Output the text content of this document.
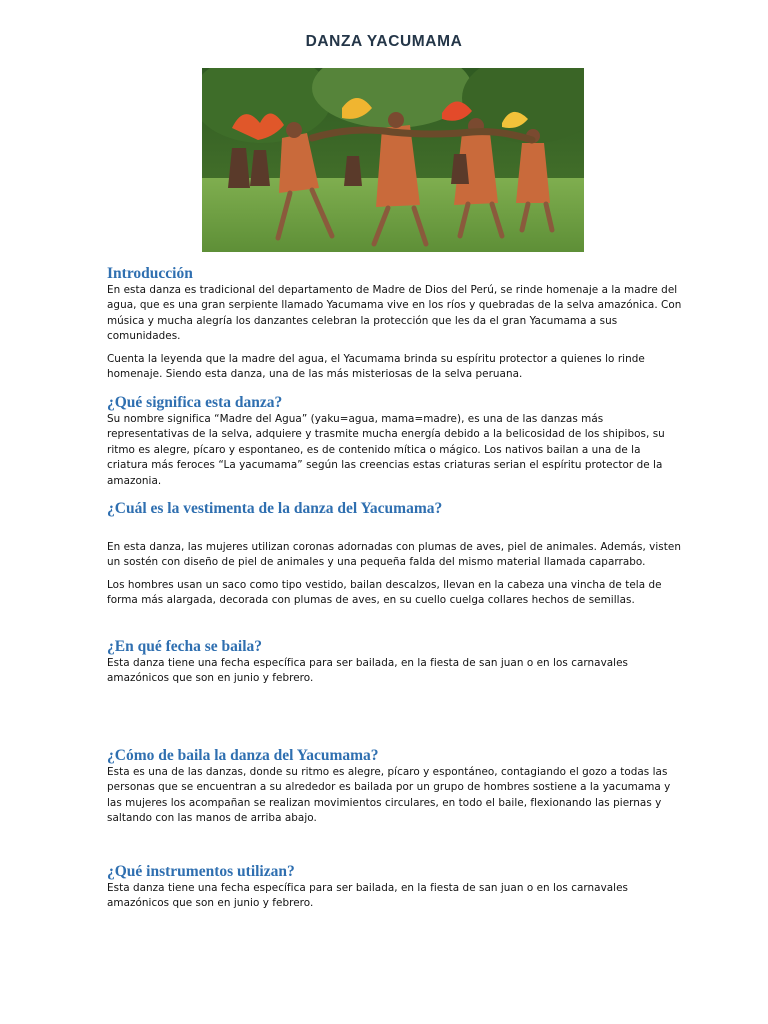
DANZA YACUMAMA
Introducción

En esta danza es tradicional del departamento de Madre de Dios del Perú, se rinde homenaje a la madre del agua, que es una gran serpiente llamado Yacumama vive en los ríos y quebradas de la selva amazónica. Con música y mucha alegría los danzantes celebran la protección que les da el gran Yacumama a sus comunidades.

Cuenta la leyenda que la madre del agua, el Yacumama brinda su espíritu protector a quienes lo rinde homenaje. Siendo esta danza, una de las más misteriosas de la selva peruana.

¿Qué significa esta danza?

Su nombre significa “Madre del Agua” (yaku=agua, mama=madre), es una de las danzas más representativas de la selva, adquiere y trasmite mucha energía debido a la belicosidad de los shipibos, su ritmo es alegre, pícaro y espontaneo, es de contenido mítica o mágico. Los nativos bailan a una de la criatura más feroces “La yacumama” según las creencias estas criaturas serian el espíritu protector de la amazonia.

¿Cuál es la vestimenta de la danza del Yacumama?

En esta danza, las mujeres utilizan coronas adornadas con plumas de aves, piel de animales. Además, visten un sostén con diseño de piel de animales y una pequeña falda del mismo material llamada caparrabo.

Los hombres usan un saco como tipo vestido, bailan descalzos, llevan en la cabeza una vincha de tela de forma más alargada, decorada con plumas de aves, en su cuello cuelga collares hechos de semillas.

¿En qué fecha se baila?

Esta danza tiene una fecha específica para ser bailada, en la fiesta de san juan o en los carnavales amazónicos que son en junio y febrero.

¿Cómo de baila la danza del Yacumama?

Esta es una de las danzas, donde su ritmo es alegre, pícaro y espontáneo, contagiando el gozo a todas las personas que se encuentran a su alrededor es bailada por un grupo de hombres sostiene a la yacumama y las mujeres los acompañan se realizan movimientos circulares, en todo el baile, flexionando las piernas y saltando con las manos de arriba abajo.

¿Qué instrumentos utilizan?

Esta danza tiene una fecha específica para ser bailada, en la fiesta de san juan o en los carnavales amazónicos que son en junio y febrero.
